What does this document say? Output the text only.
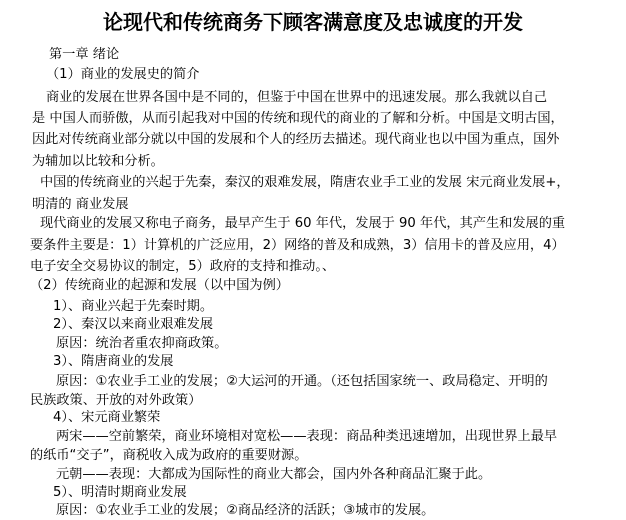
论现代和传统商务下顾客满意度及忠诚度的开发
第一章 绪论
（1）商业的发展史的简介
商业的发展在世界各国中是不同的，但鉴于中国在世界中的迅速发展。那么我就以自己
是 中国人而骄傲，从而引起我对中国的传统和现代的商业的了解和分析。中国是文明古国，
因此对传统商业部分就以中国的发展和个人的经历去描述。现代商业也以中国为重点，国外
为辅加以比较和分析。
中国的传统商业的兴起于先秦，秦汉的艰难发展，隋唐农业手工业的发展 宋元商业发展+，
明清的 商业发展
现代商业的发展又称电子商务，最早产生于 60 年代，发展于 90 年代，其产生和发展的重
要条件主要是：1）计算机的广泛应用，2）网络的普及和成熟，3）信用卡的普及应用，4）
电子安全交易协议的制定，5）政府的支持和推动。、
（2）传统商业的起源和发展（以中国为例）
1）、商业兴起于先秦时期。
2）、秦汉以来商业艰难发展
原因：统治者重农抑商政策。
3）、隋唐商业的发展
原因：①农业手工业的发展；②大运河的开通。（还包括国家统一、政局稳定、开明的
民族政策、开放的对外政策）
4）、宋元商业繁荣
两宋——空前繁荣，商业环境相对宽松——表现：商品种类迅速增加，出现世界上最早
的纸币“交子”，商税收入成为政府的重要财源。
元朝——表现：大都成为国际性的商业大都会，国内外各种商品汇聚于此。
5）、明清时期商业发展
原因：①农业手工业的发展；②商品经济的活跃；③城市的发展。
